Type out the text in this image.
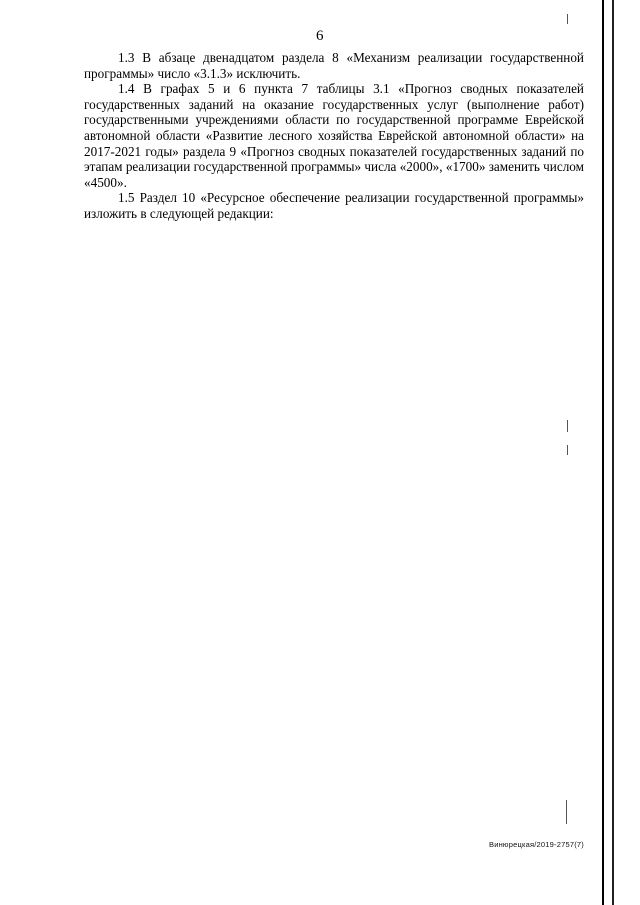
6

1.3 В абзаце двенадцатом раздела 8 «Механизм реализации государственной программы» число «3.1.3» исключить.

1.4 В графах 5 и 6 пункта 7 таблицы 3.1 «Прогноз сводных показателей государственных заданий на оказание государственных услуг (выполнение работ) государственными учреждениями области по государственной программе Еврейской автономной области «Развитие лесного хозяйства Еврейской автономной области» на 2017-2021 годы» раздела 9 «Прогноз сводных показателей государственных заданий по этапам реализации государственной программы» числа «2000», «1700» заменить числом «4500».

1.5 Раздел 10 «Ресурсное обеспечение реализации государственной программы» изложить в следующей редакции:

Винюрецкая/2019-2757(7)
